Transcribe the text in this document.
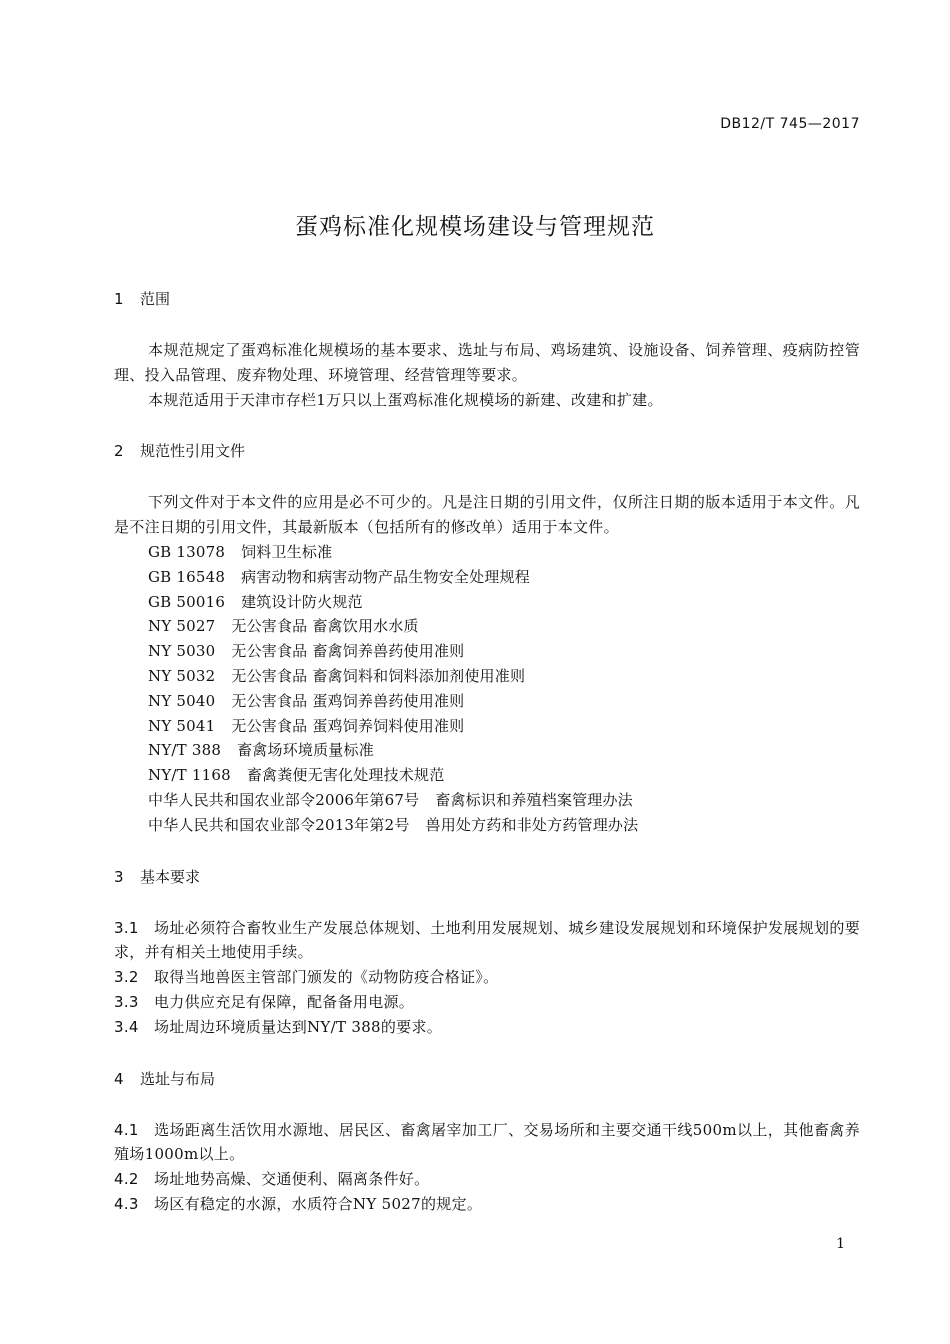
DB12/T 745—2017
蛋鸡标准化规模场建设与管理规范
1 范围

本规范规定了蛋鸡标准化规模场的基本要求、选址与布局、鸡场建筑、设施设备、饲养管理、疫病防控管理、投入品管理、废弃物处理、环境管理、经营管理等要求。

本规范适用于天津市存栏1万只以上蛋鸡标准化规模场的新建、改建和扩建。

2 规范性引用文件

下列文件对于本文件的应用是必不可少的。凡是注日期的引用文件，仅所注日期的版本适用于本文件。凡是不注日期的引用文件，其最新版本（包括所有的修改单）适用于本文件。

GB 13078 饲料卫生标准
GB 16548 病害动物和病害动物产品生物安全处理规程
GB 50016 建筑设计防火规范
NY 5027 无公害食品 畜禽饮用水水质
NY 5030 无公害食品 畜禽饲养兽药使用准则
NY 5032 无公害食品 畜禽饲料和饲料添加剂使用准则
NY 5040 无公害食品 蛋鸡饲养兽药使用准则
NY 5041 无公害食品 蛋鸡饲养饲料使用准则
NY/T 388 畜禽场环境质量标准
NY/T 1168 畜禽粪便无害化处理技术规范
中华人民共和国农业部令2006年第67号 畜禽标识和养殖档案管理办法
中华人民共和国农业部令2013年第2号 兽用处方药和非处方药管理办法
3 基本要求

3.1 场址必须符合畜牧业生产发展总体规划、土地利用发展规划、城乡建设发展规划和环境保护发展规划的要求，并有相关土地使用手续。

3.2 取得当地兽医主管部门颁发的《动物防疫合格证》。

3.3 电力供应充足有保障，配备备用电源。

3.4 场址周边环境质量达到NY/T 388的要求。

4 选址与布局

4.1 选场距离生活饮用水源地、居民区、畜禽屠宰加工厂、交易场所和主要交通干线500m以上，其他畜禽养殖场1000m以上。

4.2 场址地势高燥、交通便利、隔离条件好。

4.3 场区有稳定的水源，水质符合NY 5027的规定。

1
